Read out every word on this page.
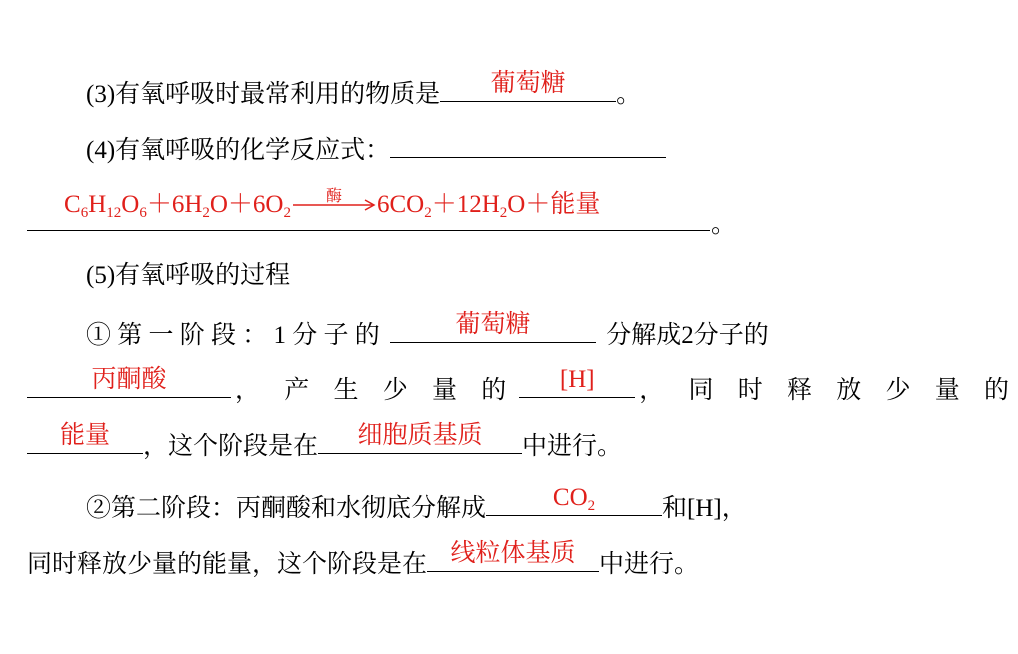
(3)有氧呼吸时最常利用的物质是	葡萄糖	。
(4)有氧呼吸的化学反应式：
$C_6H_{12}O_6+6H_2O+6O_2$
酶	$6CO_2+12H_2O+$能量
。
(5)有氧呼吸的过程
① 第 一 阶 段 ： 1 分 子 的	葡萄糖	分解成2分子的
丙酮酸	， 产 生 少 量 的	[H]	， 同 时 释 放 少 量 的
能量	，这个阶段是在	细胞质基质	中进行。
②第二阶段：丙酮酸和水彻底分解成	$CO_2$	和[H]，
同时释放少量的能量，这个阶段是在 线粒体基质 中进行。
